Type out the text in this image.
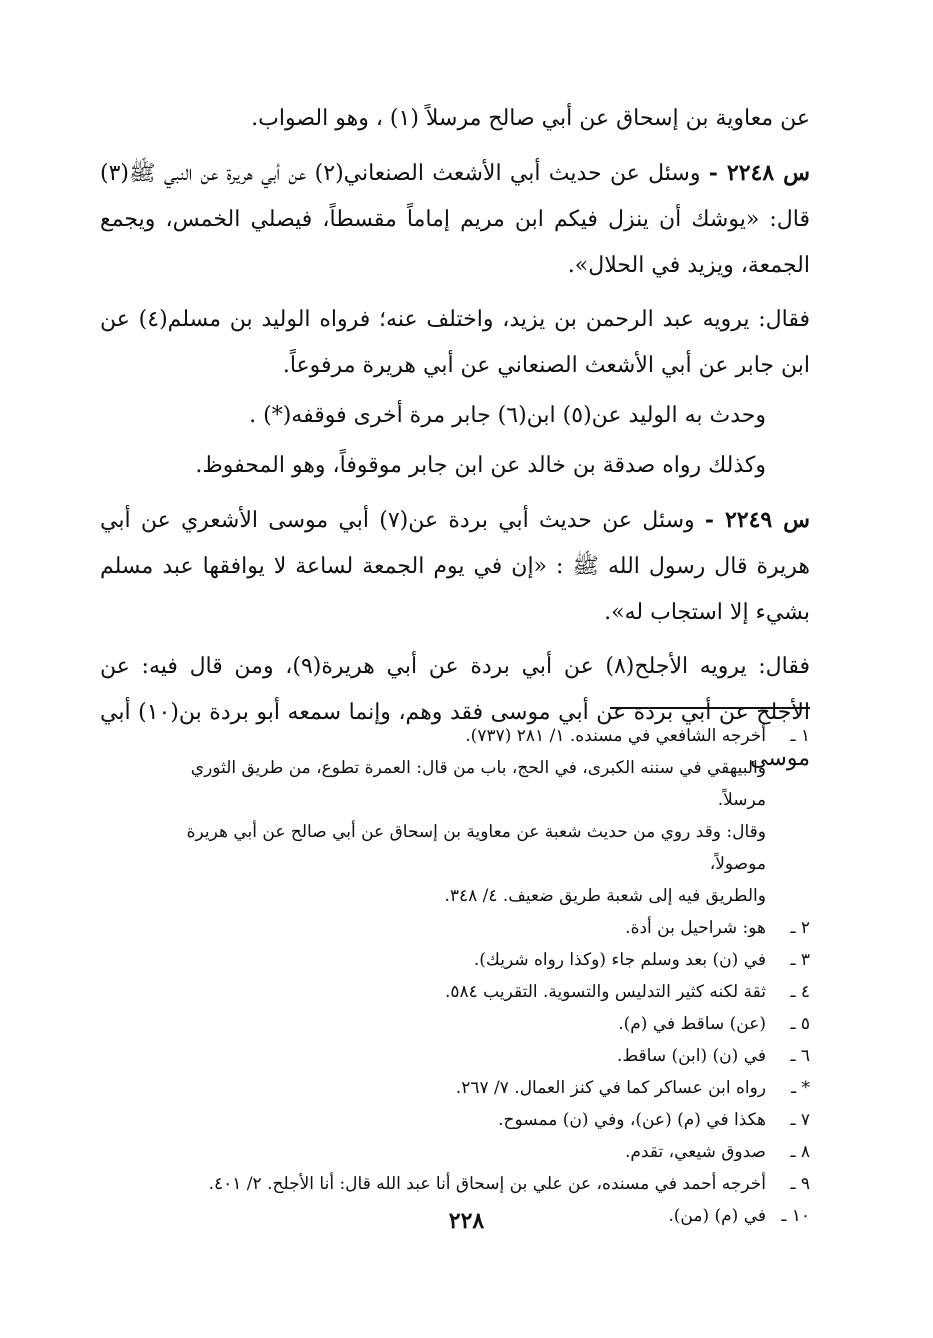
عن معاوية بن إسحاق عن أبي صالح مرسلاً (١) ، وهو الصواب.

س ٢٢٤٨ - وسئل عن حديث أبي الأشعث الصنعاني(٢) عن أبي هريرة عن النبي ﷺ(٣) قال: «يوشك أن ينزل فيكم ابن مريم إماماً مقسطاً، فيصلي الخمس، ويجمع الجمعة، ويزيد في الحلال».

فقال: يرويه عبد الرحمن بن يزيد، واختلف عنه؛ فرواه الوليد بن مسلم(٤) عن ابن جابر عن أبي الأشعث الصنعاني عن أبي هريرة مرفوعاً.

وحدث به الوليد عن(٥) ابن(٦) جابر مرة أخرى فوقفه(*) .

وكذلك رواه صدقة بن خالد عن ابن جابر موقوفاً، وهو المحفوظ.

س ٢٢٤٩ - وسئل عن حديث أبي بردة عن(٧) أبي موسى الأشعري عن أبي هريرة قال رسول الله ﷺ : «إن في يوم الجمعة لساعة لا يوافقها عبد مسلم بشيء إلا استجاب له».

فقال: يرويه الأجلح(٨) عن أبي بردة عن أبي هريرة(٩)، ومن قال فيه: عن الأجلح عن أبي بردة عن أبي موسى فقد وهم، وإنما سمعه أبو بردة بن(١٠) أبي موسى

١ ـ
أخرجه الشافعي في مسنده. ١/ ٢٨١ (٧٣٧).
والبيهقي في سننه الكبرى، في الحج، باب من قال: العمرة تطوع، من طريق الثوري مرسلاً.
وقال: وقد روي من حديث شعبة عن معاوية بن إسحاق عن أبي صالح عن أبي هريرة موصولاً،
والطريق فيه إلى شعبة طريق ضعيف. ٤/ ٣٤٨.
٢ ـ
هو: شراحيل بن أدة.
٣ ـ
في (ن) بعد وسلم جاء (وكذا رواه شريك).
٤ ـ
ثقة لكنه كثير التدليس والتسوية. التقريب ٥٨٤.
٥ ـ
(عن) ساقط في (م).
٦ ـ
في (ن) (ابن) ساقط.
* ـ
رواه ابن عساكر كما في كنز العمال. ٧/ ٢٦٧.
٧ ـ
هكذا في (م) (عن)، وفي (ن) ممسوح.
٨ ـ
صدوق شيعي، تقدم.
٩ ـ
أخرجه أحمد في مسنده، عن علي بن إسحاق أنا عبد الله قال: أنا الأجلح. ٢/ ٤٠١.
١٠ ـ
في (م) (من).
٢٢٨
